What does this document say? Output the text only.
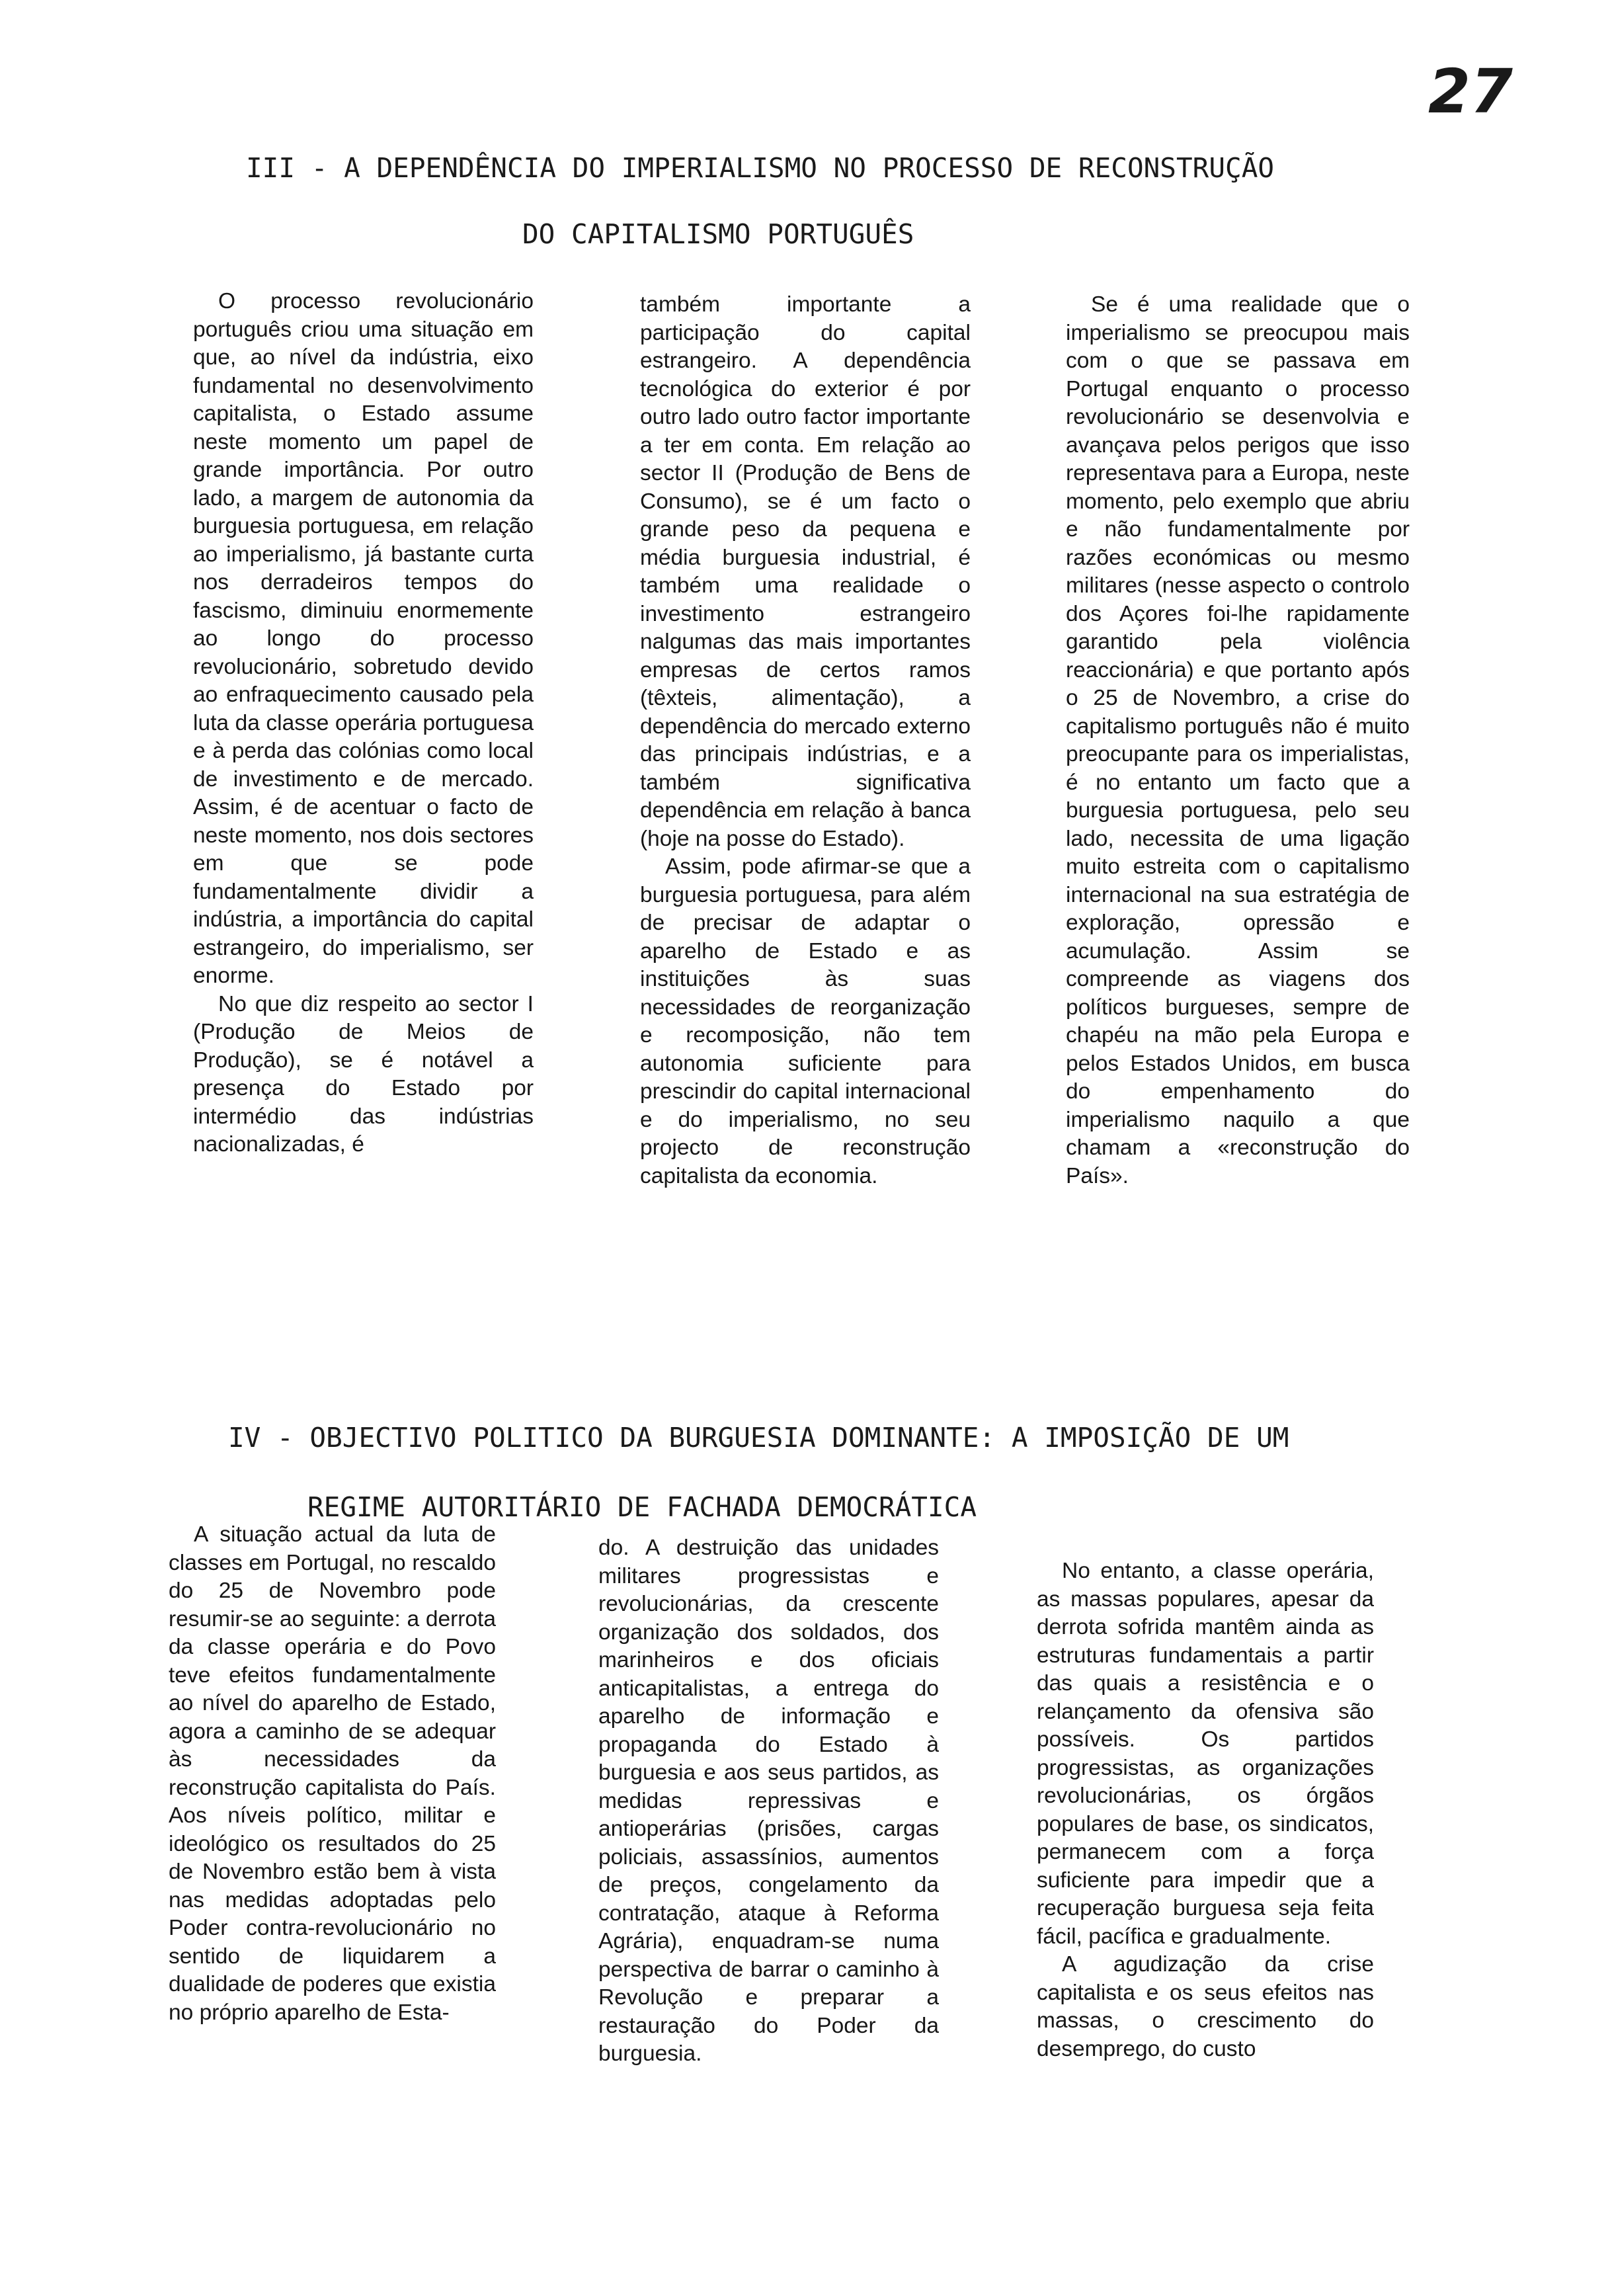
27
III - A DEPENDÊNCIA DO IMPERIALISMO NO PROCESSO DE RECONSTRUÇÃO
DO CAPITALISMO PORTUGUÊS

O processo revolucionário português criou uma situação em que, ao nível da indústria, eixo fundamental no desenvolvimento capitalista, o Estado assume neste momento um papel de grande importância. Por outro lado, a margem de autonomia da burguesia portuguesa, em relação ao imperialismo, já bastante curta nos derradeiros tempos do fascismo, diminuiu enormemente ao longo do processo revolucionário, sobretudo devido ao enfraquecimento causado pela luta da classe operária portuguesa e à perda das colónias como local de investimento e de mercado. Assim, é de acentuar o facto de neste momento, nos dois sectores em que se pode fundamentalmente dividir a indústria, a importância do capital estrangeiro, do imperialismo, ser enorme.

No que diz respeito ao sector I (Produção de Meios de Produção), se é notável a presença do Estado por intermédio das indústrias nacionalizadas, é

também importante a participação do capital estrangeiro. A dependência tecnológica do exterior é por outro lado outro factor importante a ter em conta. Em relação ao sector II (Produção de Bens de Consumo), se é um facto o grande peso da pequena e média burguesia industrial, é também uma realidade o investimento estrangeiro nalgumas das mais importantes empresas de certos ramos (têxteis, alimentação), a dependência do mercado externo das principais indústrias, e a também significativa dependência em relação à banca (hoje na posse do Estado).

Assim, pode afirmar-se que a burguesia portuguesa, para além de precisar de adaptar o aparelho de Estado e as instituições às suas necessidades de reorganização e recomposição, não tem autonomia suficiente para prescindir do capital internacional e do imperialismo, no seu projecto de reconstrução capitalista da economia.

Se é uma realidade que o imperialismo se preocupou mais com o que se passava em Portugal enquanto o processo revolucionário se desenvolvia e avançava pelos perigos que isso representava para a Europa, neste momento, pelo exemplo que abriu e não fundamentalmente por razões económicas ou mesmo militares (nesse aspecto o controlo dos Açores foi-lhe rapidamente garantido pela violência reaccionária) e que portanto após o 25 de Novembro, a crise do capitalismo português não é muito preocupante para os imperialistas, é no entanto um facto que a burguesia portuguesa, pelo seu lado, necessita de uma ligação muito estreita com o capitalismo internacional na sua estratégia de exploração, opressão e acumulação. Assim se compreende as viagens dos políticos burgueses, sempre de chapéu na mão pela Europa e pelos Estados Unidos, em busca do empenhamento do imperialismo naquilo a que chamam a «reconstrução do País».

IV - OBJECTIVO POLITICO DA BURGUESIA DOMINANTE: A IMPOSIÇÃO DE UM
REGIME AUTORITÁRIO DE FACHADA DEMOCRÁTICA

A situação actual da luta de classes em Portugal, no rescaldo do 25 de Novembro pode resumir-se ao seguinte: a derrota da classe operária e do Povo teve efeitos fundamentalmente ao nível do aparelho de Estado, agora a caminho de se adequar às necessidades da reconstrução capitalista do País. Aos níveis político, militar e ideológico os resultados do 25 de Novembro estão bem à vista nas medidas adoptadas pelo Poder contra-revolucionário no sentido de liquidarem a dualidade de poderes que existia no próprio aparelho de Esta-

do. A destruição das unidades militares progressistas e revolucionárias, da crescente organização dos soldados, dos marinheiros e dos oficiais anticapitalistas, a entrega do aparelho de informação e propaganda do Estado à burguesia e aos seus partidos, as medidas repressivas e antioperárias (prisões, cargas policiais, assassínios, aumentos de preços, congelamento da contratação, ataque à Reforma Agrária), enquadram-se numa perspectiva de barrar o caminho à Revolução e preparar a restauração do Poder da burguesia.

No entanto, a classe operária, as massas populares, apesar da derrota sofrida mantêm ainda as estruturas fundamentais a partir das quais a resistência e o relançamento da ofensiva são possíveis. Os partidos progressistas, as organizações revolucionárias, os órgãos populares de base, os sindicatos, permanecem com a força suficiente para impedir que a recuperação burguesa seja feita fácil, pacífica e gradualmente.

A agudização da crise capitalista e os seus efeitos nas massas, o crescimento do desemprego, do custo
